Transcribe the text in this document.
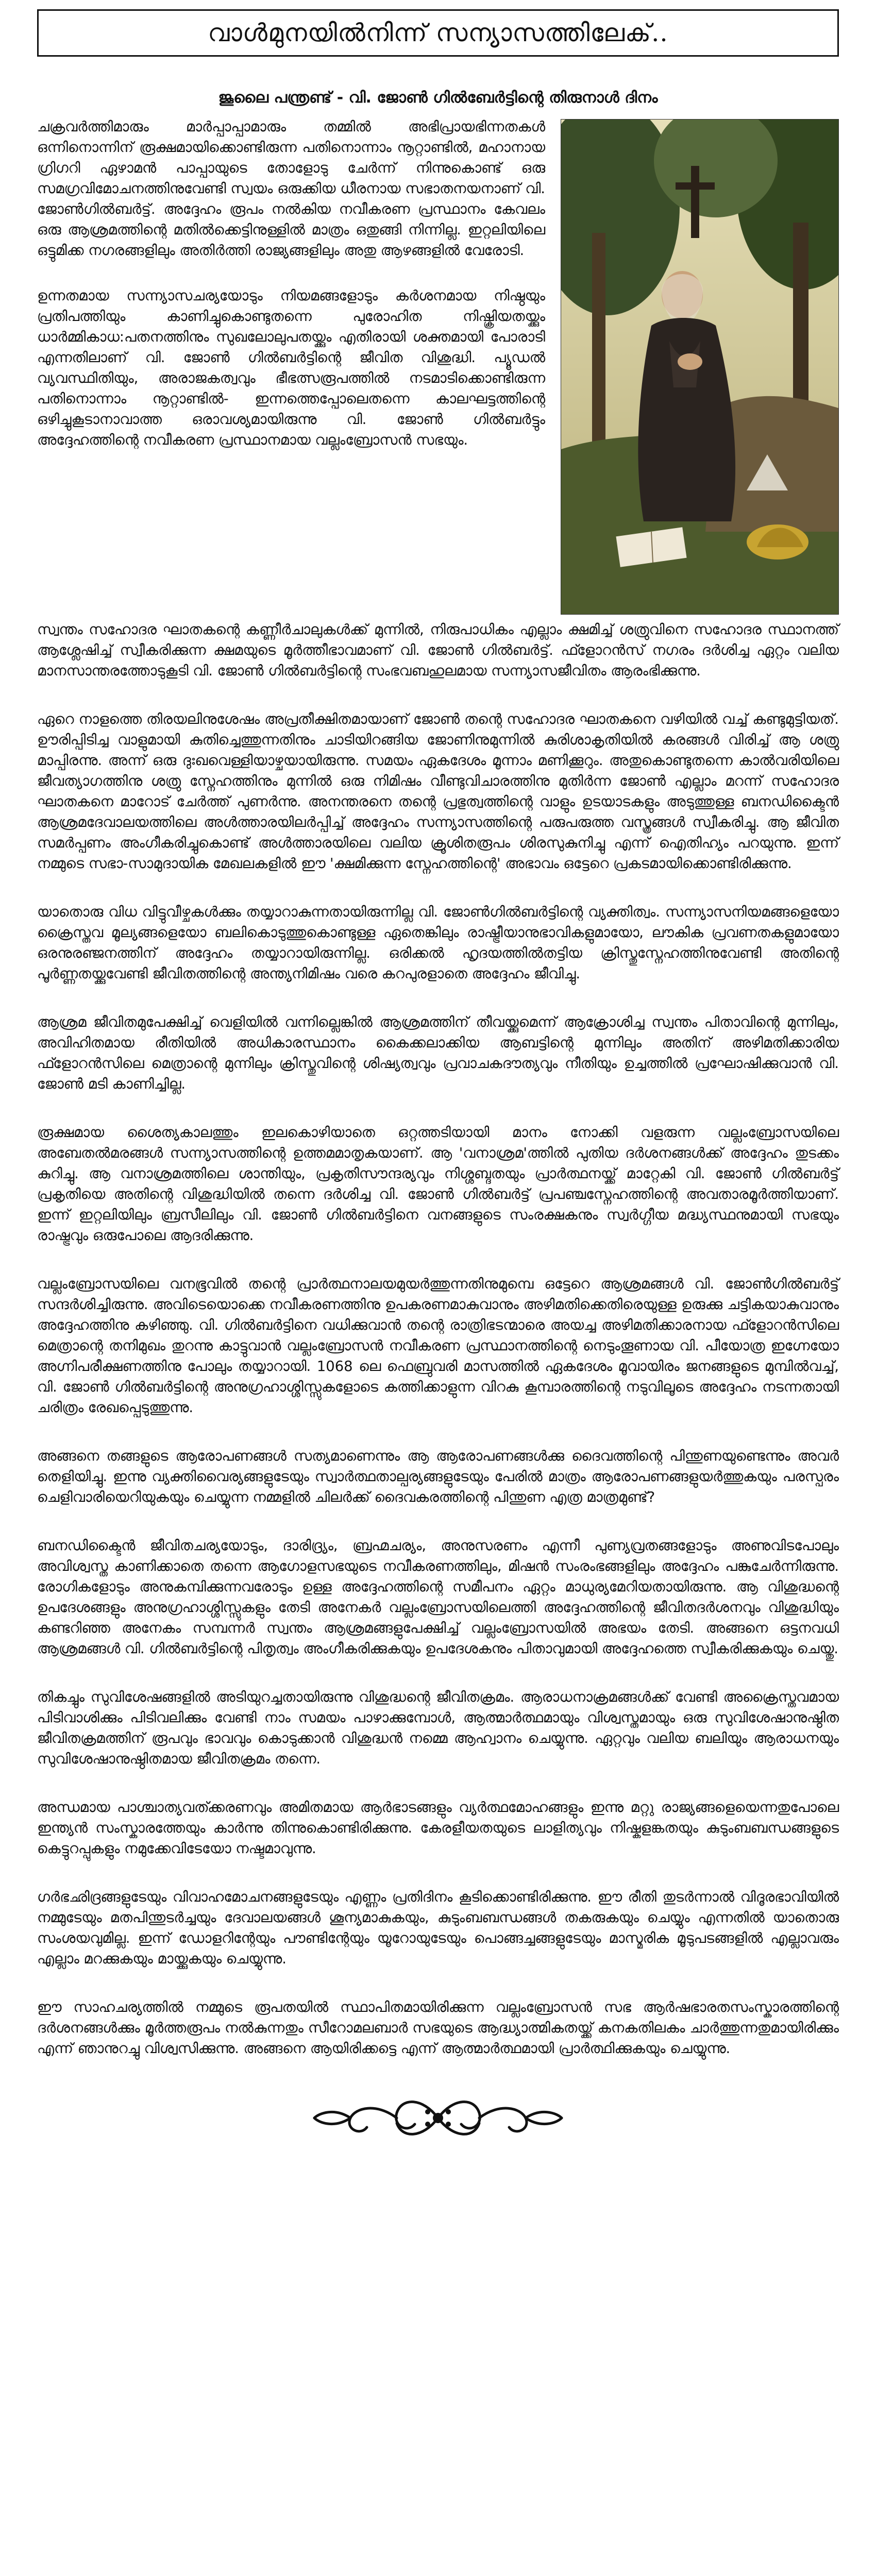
വാൾമുനയിൽനിന്ന് സന്യാസത്തിലേക്..
ജൂലൈ പന്ത്രണ്ട് - വി. ജോൺ ഗിൽബേർട്ടിന്റെ തിരുനാൾ ദിനം

ചക്രവർത്തിമാരും മാർപ്പാപ്പാമാരും തമ്മിൽ അഭിപ്രായഭിന്നതകൾ ഒന്നിനൊന്നിന് രൂക്ഷമായിക്കൊണ്ടിരുന്ന പതിനൊന്നാം നൂറ്റാണ്ടിൽ, മഹാനായ ഗ്രിഗറി ഏഴാമൻ പാപ്പായുടെ തോളോടു ചേർന്ന് നിന്നുകൊണ്ട് ഒരു സമഗ്രവിമോചനത്തിനുവേണ്ടി സ്വയം ഒരുക്കിയ ധീരനായ സഭാതനയനാണ് വി. ജോൺഗിൽബർട്ട്. അദ്ദേഹം രൂപം നൽകിയ നവീകരണ പ്രസ്ഥാനം കേവലം ഒരു ആശ്രമത്തിന്റെ മതിൽക്കെട്ടിനുള്ളിൽ മാത്രം ഒതുങ്ങി നിന്നില്ല. ഇറ്റലിയിലെ ഒട്ടുമിക്ക നഗരങ്ങളിലും അതിർത്തി രാജ്യങ്ങളിലും അതു ആഴങ്ങളിൽ വേരോടി.

ഉന്നതമായ സന്ന്യാസചര്യയോടും നിയമങ്ങളോടും കർശനമായ നിഷ്ഠയും പ്രതിപത്തിയും കാണിച്ചുകൊണ്ടുതന്നെ പുരോഹിത നിഷ്ക്രിയതയ്ക്കും ധാർമ്മികാധ:പതനത്തിനും സുഖലോലുപതയ്ക്കും എതിരായി ശക്തമായി പോരാടി എന്നതിലാണ് വി. ജോൺ ഗിൽബർട്ടിന്റെ ജീവിത വിശുദ്ധി. പ്യൂഡൽ വ്യവസ്ഥിതിയും, അരാജകത്വവും ഭീഭത്സരൂപത്തിൽ നടമാടിക്കൊണ്ടിരുന്ന പതിനൊന്നാം നൂറ്റാണ്ടിൽ- ഇന്നത്തെപ്പോലെതന്നെ കാലഘട്ടത്തിന്റെ ഒഴിച്ചുകൂടാനാവാത്ത ഒരാവശ്യമായിരുന്നു വി. ജോൺ ഗിൽബർട്ടും അദ്ദേഹത്തിന്റെ നവീകരണ പ്രസ്ഥാനമായ വല്ലംബ്രോസൻ സഭയും.

സ്വന്തം സഹോദര ഘാതകന്റെ കണ്ണീർചാലുകൾക്ക് മുന്നിൽ, നിരുപാധികം എല്ലാം ക്ഷമിച്ച് ശത്രുവിനെ സഹോദര സ്ഥാനത്ത് ആശ്ലേഷിച്ച് സ്വീകരിക്കുന്ന ക്ഷമയുടെ മൂർത്തീഭാവമാണ് വി. ജോൺ ഗിൽബർട്ട്. ഫ്ളോറൻസ് നഗരം ദർശിച്ച ഏറ്റം വലിയ മാനസാന്തരത്തോടുകൂടി വി. ജോൺ ഗിൽബർട്ടിന്റെ സംഭവബഹുലമായ സന്ന്യാസജീവിതം ആരംഭിക്കുന്നു.

ഏറെ നാളത്തെ തിരയലിനുശേഷം അപ്രതീക്ഷിതമായാണ് ജോൺ തന്റെ സഹോദര ഘാതകനെ വഴിയിൽ വച്ച് കണ്ടുമുട്ടിയത്. ഊരിപ്പിടിച്ച വാളുമായി കുതിച്ചെത്തുന്നതിനും ചാടിയിറങ്ങിയ ജോണിനുമുന്നിൽ കുരിശാകൃതിയിൽ കരങ്ങൾ വിരിച്ച് ആ ശത്രു മാപ്പിരന്നു. അന്ന് ഒരു ദുഃഖവെള്ളിയാഴ്ചയായിരുന്നു. സമയം ഏകദേശം മൂന്നാം മണിക്കൂറും. അതുകൊണ്ടുതന്നെ കാൽവരിയിലെ ജീവത്യാഗത്തിനു ശത്രു സ്നേഹത്തിനും മുന്നിൽ ഒരു നിമിഷം വീണ്ടുവിചാരത്തിനു മുതിർന്ന ജോൺ എല്ലാം മറന്ന് സഹോദര ഘാതകനെ മാറോട് ചേർത്ത് പുണർന്നു. അനന്തരനെ തന്റെ പ്രഭുത്വത്തിന്റെ വാളും ഉടയാടകളും അടുത്തുള്ള ബനഡിക്ടൈൻ ആശ്രമദേവാലയത്തിലെ അൾത്താരയിലർപ്പിച്ച് അദ്ദേഹം സന്ന്യാസത്തിന്റെ പരുപരുത്ത വസ്ത്രങ്ങൾ സ്വീകരിച്ചു. ആ ജീവിത സമർപ്പണം അംഗീകരിച്ചുകൊണ്ട് അൾത്താരയിലെ വലിയ ക്രൂശിതരൂപം ശിരസുകുനിച്ചു എന്ന് ഐതിഹ്യം പറയുന്നു. ഇന്ന് നമ്മുടെ സഭാ-സാമുദായിക മേഖലകളിൽ ഈ 'ക്ഷമിക്കുന്ന സ്നേഹത്തിന്റെ' അഭാവം ഒട്ടേറെ പ്രകടമായിക്കൊണ്ടിരിക്കുന്നു.

യാതൊരു വിധ വിട്ടുവീഴ്ചകൾക്കും തയ്യാറാകുന്നതായിരുന്നില്ല വി. ജോൺഗിൽബർട്ടിന്റെ വ്യക്തിത്വം. സന്ന്യാസനിയമങ്ങളെയോ ക്രൈസ്തവ മൂല്യങ്ങളെയോ ബലികൊടുത്തുകൊണ്ടുള്ള ഏതെങ്കിലും രാഷ്ട്രീയാനുഭാവികളുമായോ, ലൗകിക പ്രവണതകളുമായോ ഒരനുരഞ്ജനത്തിന് അദ്ദേഹം തയ്യാറായിരുന്നില്ല. ഒരിക്കൽ ഹൃദയത്തിൽതട്ടിയ ക്രിസ്തുസ്നേഹത്തിനുവേണ്ടി അതിന്റെ പൂർണ്ണതയ്ക്കുവേണ്ടി ജീവിതത്തിന്റെ അന്ത്യനിമിഷം വരെ കറപുരളാതെ അദ്ദേഹം ജീവിച്ചു.

ആശ്രമ ജീവിതമുപേക്ഷിച്ച് വെളിയിൽ വന്നില്ലെങ്കിൽ ആശ്രമത്തിന് തീവയ്ക്കുമെന്ന് ആക്രോശിച്ച സ്വന്തം പിതാവിന്റെ മുന്നിലും, അവിഹിതമായ രീതിയിൽ അധികാരസ്ഥാനം കൈക്കലാക്കിയ ആബട്ടിന്റെ മുന്നിലും അതിന് അഴിമതിക്കാരിയ ഫ്ളോറൻസിലെ മെത്രാന്റെ മുന്നിലും ക്രിസ്തുവിന്റെ ശിഷ്യത്വവും പ്രവാചകദൗത്യവും നീതിയും ഉച്ചത്തിൽ പ്രഘോഷിക്കുവാൻ വി. ജോൺ മടി കാണിച്ചില്ല.

രൂക്ഷമായ ശൈത്യകാലത്തും ഇലകൊഴിയാതെ ഒറ്റത്തടിയായി മാനം നോക്കി വളരുന്ന വല്ലംബ്രോസയിലെ അബേതൽമരങ്ങൾ സന്ന്യാസത്തിന്റെ ഉത്തമമാതൃകയാണ്. ആ 'വനാശ്രമ'ത്തിൽ പുതിയ ദർശനങ്ങൾക്ക് അദ്ദേഹം തുടക്കം കുറിച്ചു. ആ വനാശ്രമത്തിലെ ശാന്തിയും, പ്രകൃതിസൗന്ദര്യവും നിശ്ശബ്ദതയും പ്രാർത്ഥനയ്ക്ക് മാറ്റേകി വി. ജോൺ ഗിൽബർട്ട് പ്രകൃതിയെ അതിന്റെ വിശുദ്ധിയിൽ തന്നെ ദർശിച്ച വി. ജോൺ ഗിൽബർട്ട് പ്രപഞ്ചസ്നേഹത്തിന്റെ അവതാരമൂർത്തിയാണ്. ഇന്ന് ഇറ്റലിയിലും ബ്രസീലിലും വി. ജോൺ ഗിൽബർട്ടിനെ വനങ്ങളുടെ സംരക്ഷകനും സ്വർഗ്ഗീയ മദ്ധ്യസ്ഥനുമായി സഭയും രാഷ്ട്രവും ഒരുപോലെ ആദരിക്കുന്നു.

വല്ലംബ്രോസയിലെ വനഭൂവിൽ തന്റെ പ്രാർത്ഥനാലയമുയർത്തുന്നതിനുമുമ്പെ ഒട്ടേറെ ആശ്രമങ്ങൾ വി. ജോൺഗിൽബർട്ട് സന്ദർശിച്ചിരുന്നു. അവിടെയൊക്കെ നവീകരണത്തിനു ഉപകരണമാകുവാനും അഴിമതിക്കെതിരെയുള്ള ഉരുക്കു ചട്ടികയാകുവാനും അദ്ദേഹത്തിനു കഴിഞ്ഞു. വി. ഗിൽബർട്ടിനെ വധിക്കുവാൻ തന്റെ രാത്രിഭടന്മാരെ അയച്ച അഴിമതിക്കാരനായ ഫ്ളോറൻസിലെ മെത്രാന്റെ തനിമുഖം തുറന്നു കാട്ടുവാൻ വല്ലംബ്രോസൻ നവീകരണ പ്രസ്ഥാനത്തിന്റെ നെടുംതൂണായ വി. പീയോത്ര ഇഗ്നേയോ അഗ്നിപരീക്ഷണത്തിനു പോലും തയ്യാറായി. 1068 ലെ ഫെബ്രുവരി മാസത്തിൽ ഏകദേശം മൂവായിരം ജനങ്ങളുടെ മുമ്പിൽവച്ച്, വി. ജോൺ ഗിൽബർട്ടിന്റെ അനുഗ്രഹാശ്ശിസ്സുകളോടെ കത്തിക്കാളുന്ന വിറകു കൂമ്പാരത്തിന്റെ നടുവിലൂടെ അദ്ദേഹം നടന്നതായി ചരിത്രം രേഖപ്പെടുത്തുന്നു.

അങ്ങനെ തങ്ങളുടെ ആരോപണങ്ങൾ സത്യമാണെന്നും ആ ആരോപണങ്ങൾക്കു ദൈവത്തിന്റെ പിന്തുണയുണ്ടെന്നും അവർ തെളിയിച്ചു. ഇന്നു വ്യക്തിവൈര്യങ്ങളുടേയും സ്വാർത്ഥതാല്പര്യങ്ങളുടേയും പേരിൽ മാത്രം ആരോപണങ്ങളുയർത്തുകയും പരസ്പരം ചെളിവാരിയെറിയുകയും ചെയ്യുന്ന നമ്മളിൽ ചിലർക്ക് ദൈവകരത്തിന്റെ പിന്തുണ എത്ര മാത്രമുണ്ട്?

ബനഡിക്ടൈൻ ജീവിതചര്യയോടും, ദാരിദ്ര്യം, ബ്രഹ്മചര്യം, അനുസരണം എന്നീ പുണ്യവ്രതങ്ങളോടും അണുവിടപോലും അവിശ്വസ്ത കാണിക്കാതെ തന്നെ ആഗോളസഭയുടെ നവീകരണത്തിലും, മിഷൻ സംരംഭങ്ങളിലും അദ്ദേഹം പങ്കുചേർന്നിരുന്നു. രോഗികളോടും അനുകമ്പിക്കുന്നവരോടും ഉള്ള അദ്ദേഹത്തിന്റെ സമീപനം ഏറ്റം മാധുര്യമേറിയതായിരുന്നു. ആ വിശുദ്ധന്റെ ഉപദേശങ്ങളും അനുഗ്രഹാശ്ശിസ്സുകളും തേടി അനേകർ വല്ലംബ്രോസയിലെത്തി അദ്ദേഹത്തിന്റെ ജീവിതദർശനവും വിശുദ്ധിയും കണ്ടറിഞ്ഞ അനേകം സമ്പന്നർ സ്വന്തം ആശ്രമങ്ങളുപേക്ഷിച്ച് വല്ലംബ്രോസയിൽ അഭയം തേടി. അങ്ങനെ ഒട്ടനവധി ആശ്രമങ്ങൾ വി. ഗിൽബർട്ടിന്റെ പിതൃത്വം അംഗീകരിക്കുകയും ഉപദേശകനും പിതാവുമായി അദ്ദേഹത്തെ സ്വീകരിക്കുകയും ചെയ്തു.

തികച്ചും സുവിശേഷങ്ങളിൽ അടിയുറച്ചതായിരുന്നു വിശുദ്ധന്റെ ജീവിതക്രമം. ആരാധനാക്രമങ്ങൾക്ക് വേണ്ടി അക്രൈസ്തവമായ പിടിവാശിക്കും പിടിവലിക്കും വേണ്ടി നാം സമയം പാഴാക്കുമ്പോൾ, ആത്മാർത്ഥമായും വിശ്വസ്തമായും ഒരു സുവിശേഷാനുഷ്ഠിത ജീവിതക്രമത്തിന് രൂപവും ഭാവവും കൊടുക്കാൻ വിശുദ്ധൻ നമ്മെ ആഹ്വാനം ചെയ്യുന്നു. ഏറ്റവും വലിയ ബലിയും ആരാധനയും സുവിശേഷാനുഷ്ഠിതമായ ജീവിതക്രമം തന്നെ.

അന്ധമായ പാശ്ചാത്യവത്ക്കരണവും അമിതമായ ആർഭാടങ്ങളും വ്യർത്ഥമോഹങ്ങളും ഇന്നു മറ്റു രാജ്യങ്ങളെയെന്നതുപോലെ ഇന്ത്യൻ സംസ്കാരത്തേയും കാർന്നു തിന്നുകൊണ്ടിരിക്കുന്നു. കേരളീയതയുടെ ലാളിത്യവും നിഷ്കളങ്കതയും കുടുംബബന്ധങ്ങളുടെ കെട്ടുറപ്പുകളും നമുക്കേവിടേയോ നഷ്ടമാവുന്നു.

ഗർഭഛിദ്രങ്ങളുടേയും വിവാഹമോചനങ്ങളുടേയും എണ്ണം പ്രതിദിനം കൂടിക്കൊണ്ടിരിക്കുന്നു. ഈ രീതി തുടർന്നാൽ വിദൂരഭാവിയിൽ നമ്മുടേയും മതപിന്തുടർച്ചയും ദേവാലയങ്ങൾ ശൂന്യമാകുകയും, കുടുംബബന്ധങ്ങൾ തകരുകയും ചെയ്യും എന്നതിൽ യാതൊരു സംശയവുമില്ല. ഇന്ന് ഡോളറിന്റേയും പൗണ്ടിന്റേയും യൂറോയുടേയും പൊങ്ങച്ചങ്ങളുടേയും മാസ്മരിക മൂടുപടങ്ങളിൽ എല്ലാവരും എല്ലാം മറക്കുകയും മായ്ക്കുകയും ചെയ്യുന്നു.

ഈ സാഹചര്യത്തിൽ നമ്മുടെ രൂപതയിൽ സ്ഥാപിതമായിരിക്കുന്ന വല്ലംബ്രോസൻ സഭ ആർഷഭാരതസംസ്കാരത്തിന്റെ ദർശനങ്ങൾക്കും മൂർത്തരൂപം നൽകുന്നതും സീറോമലബാർ സഭയുടെ ആദ്ധ്യാത്മികതയ്ക്ക് കനകതിലകം ചാർത്തുന്നതുമായിരിക്കും എന്ന് ഞാനുറച്ചു വിശ്വസിക്കുന്നു. അങ്ങനെ ആയിരിക്കട്ടെ എന്ന് ആത്മാർത്ഥമായി പ്രാർത്ഥിക്കുകയും ചെയ്യുന്നു.
